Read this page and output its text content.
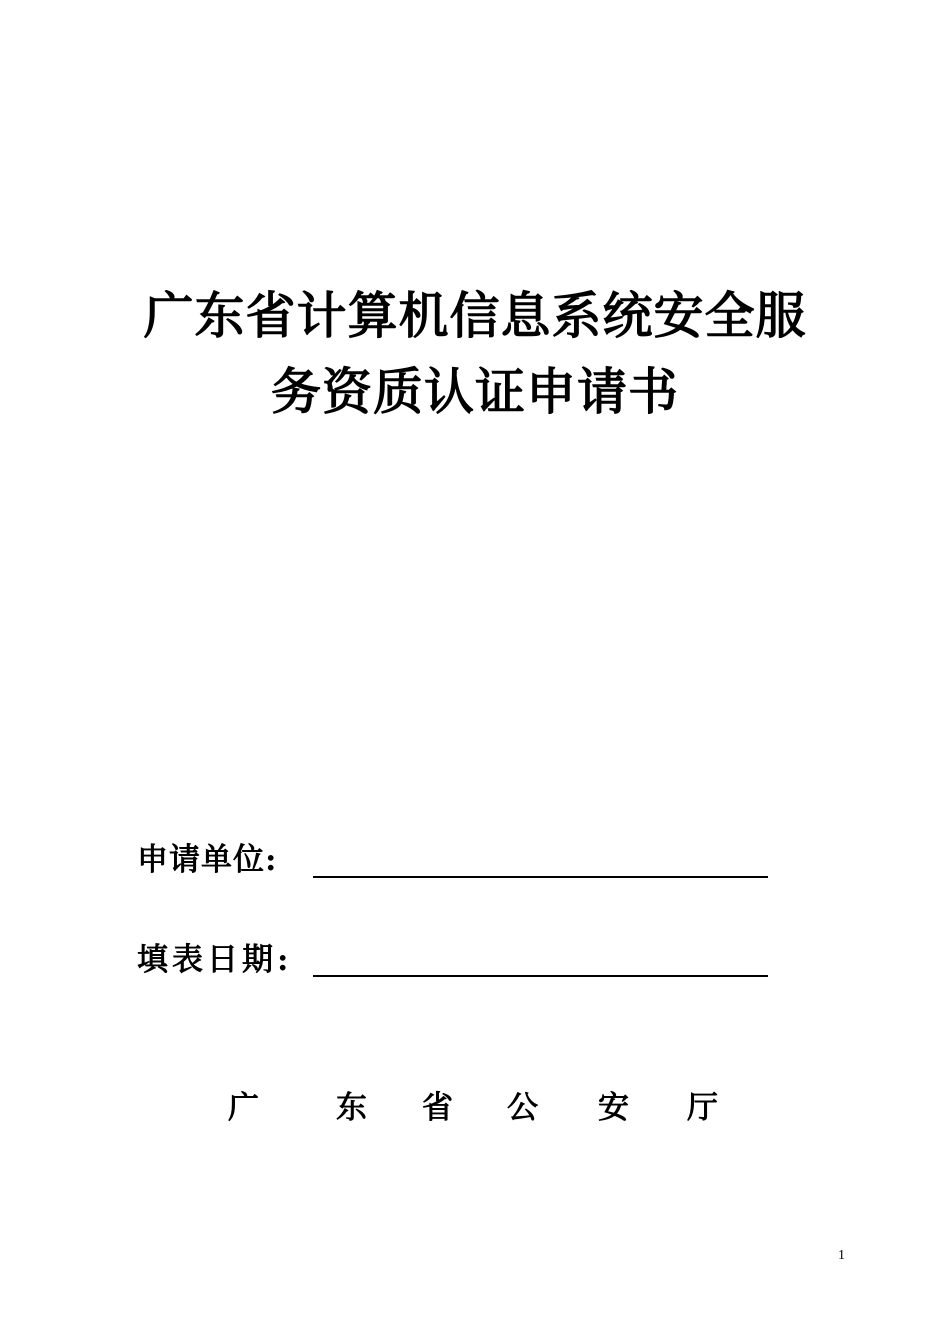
广东省计算机信息系统安全服
务资质认证申请书
申请单位:
填表日期:
广 东 省 公 安 厅
1
